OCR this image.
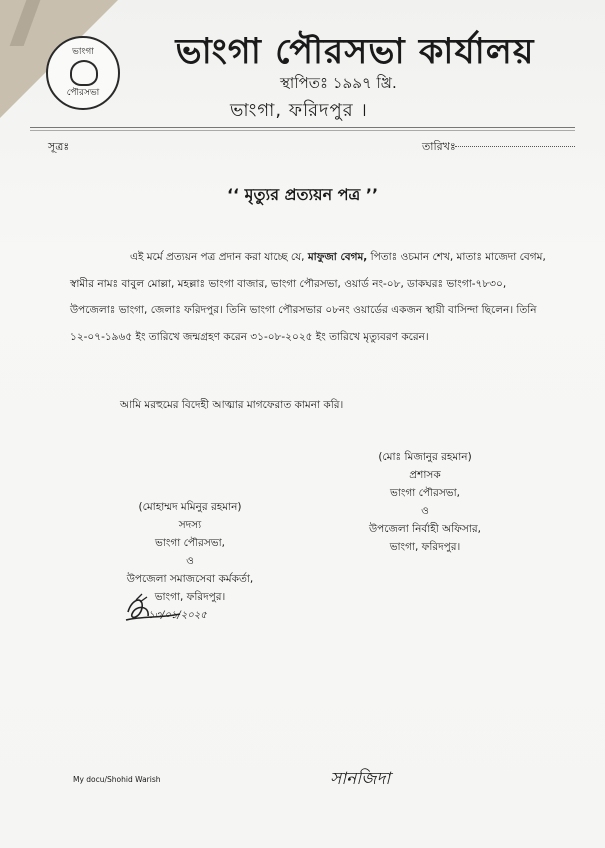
ভাংগা
পৌরসভা
ভাংগা পৌরসভা কার্যালয়
স্থাপিতঃ ১৯৯৭ খ্রি.
ভাংগা, ফরিদপুর ।
সূত্রঃ	তারিখঃ
‘‘ মৃত্যুর প্রত্যয়ন পত্র ’’

এই মর্মে প্রত্যয়ন পত্র প্রদান করা যাচ্ছে যে, মাফুজা বেগম, পিতাঃ ওচমান শেখ, মাতাঃ মাজেদা বেগম, স্বামীর নামঃ বাবুল মোল্লা, মহল্লাঃ ভাংগা বাজার, ভাংগা পৌরসভা, ওয়ার্ড নং-০৮, ডাকঘরঃ ভাংগা-৭৮৩০, উপজেলাঃ ভাংগা, জেলাঃ ফরিদপুর। তিনি ভাংগা পৌরসভার ০৮নং ওয়ার্ডের একজন স্থায়ী বাসিন্দা ছিলেন। তিনি ১২-০৭-১৯৬৫ ইং তারিখে জন্মগ্রহণ করেন ৩১-০৮-২০২৫ ইং তারিখে মৃত্যুবরণ করেন।

আমি মরহুমের বিদেহী আত্মার মাগফেরাত কামনা করি।
(মোঃ মিজানুর রহমান)
প্রশাসক
ভাংগা পৌরসভা,
ও
উপজেলা নির্বাহী অফিসার,
ভাংগা, ফরিদপুর।
(মোহাম্মদ মমিনুর রহমান)
সদস্য
ভাংগা পৌরসভা,
ও
উপজেলা সমাজসেবা কর্মকর্তা,
ভাংগা, ফরিদপুর।
১৩/০১/২০২৫
My docu/Shohid Warish	সানজিদা
